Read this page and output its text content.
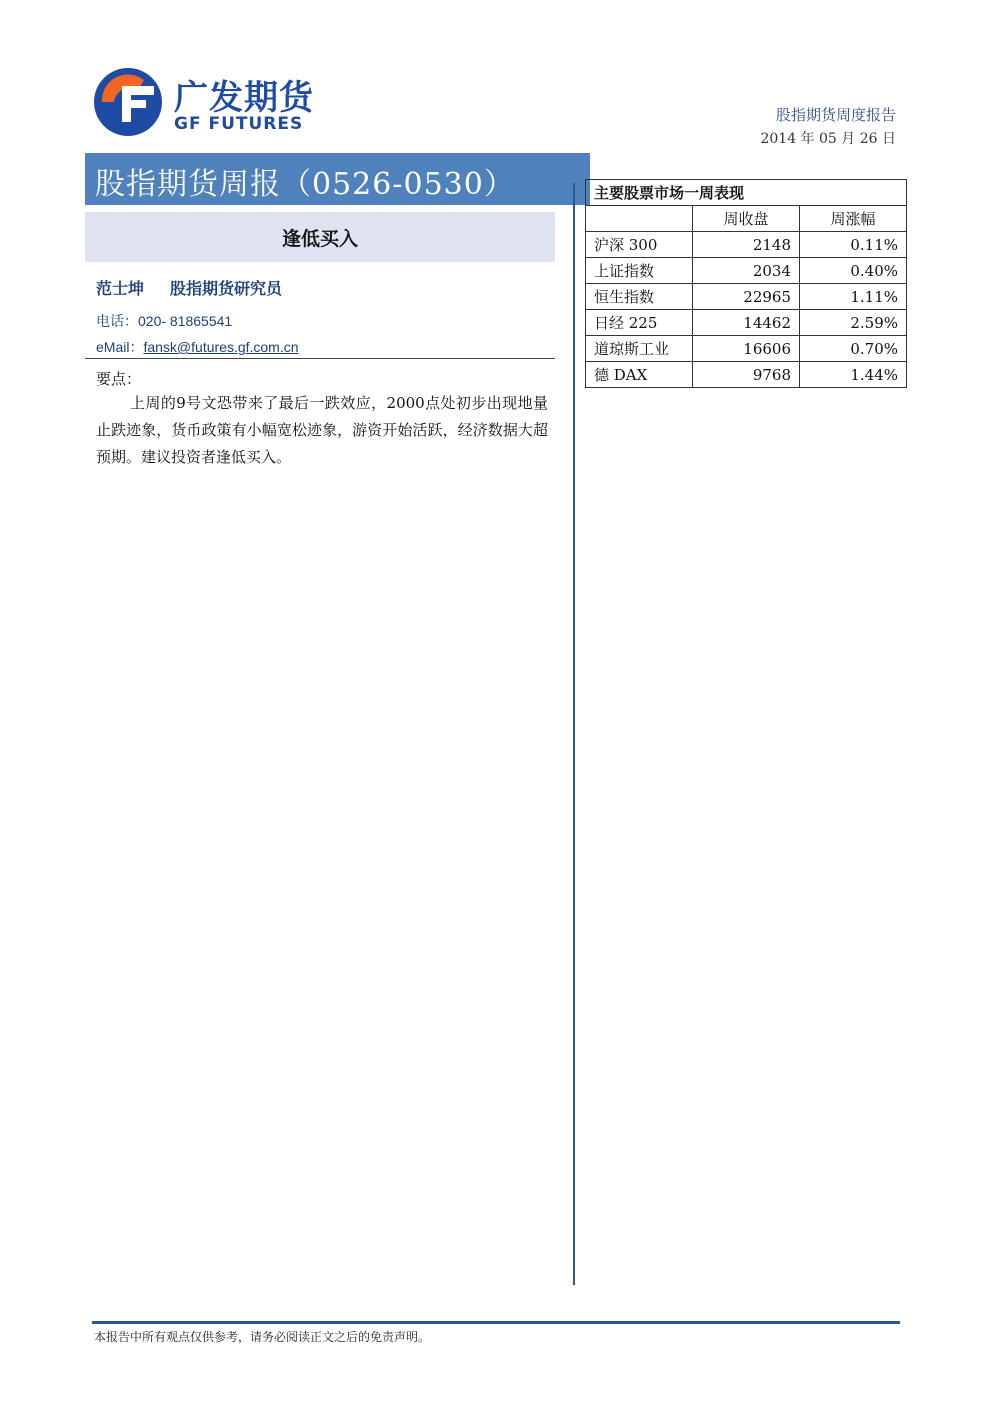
广发期货
GF FUTURES	股指期货周度报告
2014 年 05 月 26 日
股指期货周报（0526-0530）
逢低买入
范士坤 股指期货研究员
电话：020- 81865541
eMail：fansk@futures.gf.com.cn
要点：
上周的9号文恐带来了最后一跌效应，2000点处初步出现地量止跌迹象，货币政策有小幅宽松迹象，游资开始活跃，经济数据大超预期。建议投资者逢低买入。
主要股票市场一周表现		
	周收盘	周涨幅
沪深 300	2148	0.11%
上证指数	2034	0.40%
恒生指数	22965	1.11%
日经 225	14462	2.59%
道琼斯工业	16606	0.70%
德 DAX	9768	1.44%
本报告中所有观点仅供参考，请务必阅读正文之后的免责声明。
